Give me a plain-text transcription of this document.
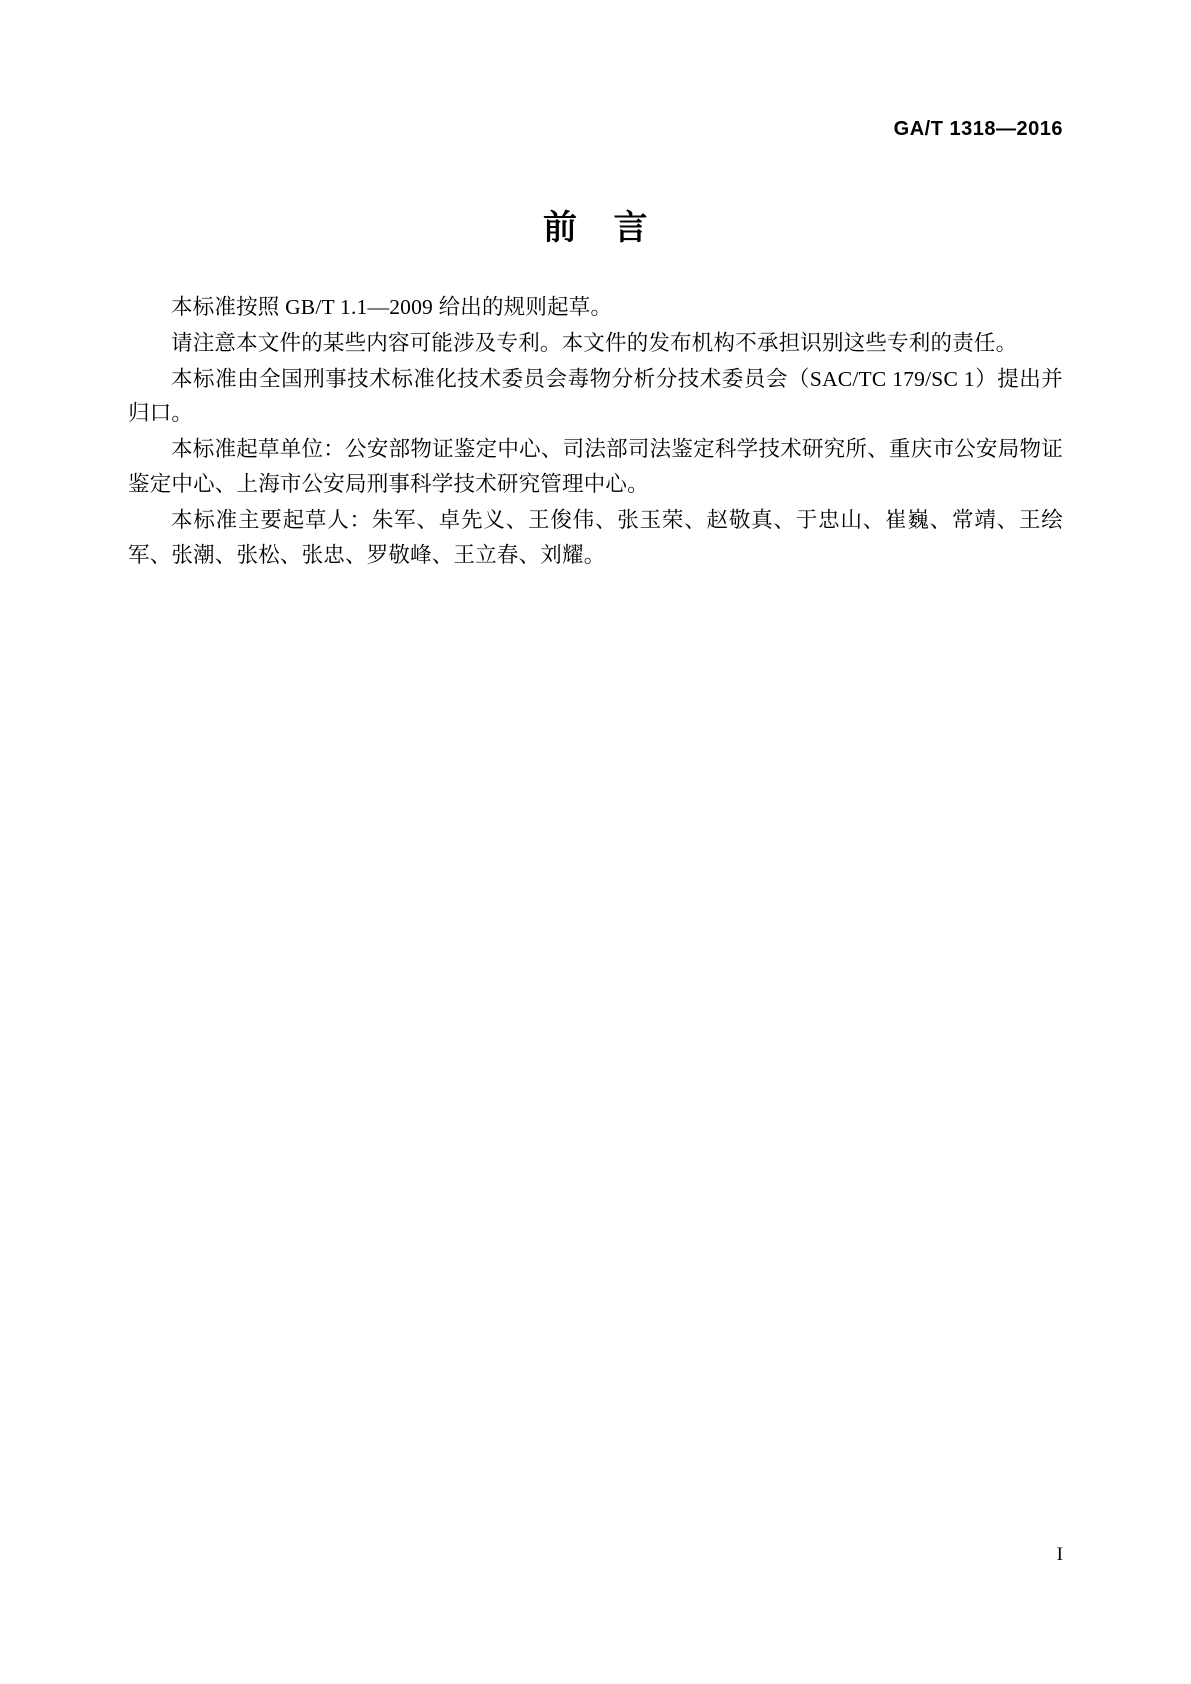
GA/T 1318—2016
前 言

本标准按照 GB/T 1.1—2009 给出的规则起草。

请注意本文件的某些内容可能涉及专利。本文件的发布机构不承担识别这些专利的责任。

本标准由全国刑事技术标准化技术委员会毒物分析分技术委员会（SAC/TC 179/SC 1）提出并归口。

本标准起草单位：公安部物证鉴定中心、司法部司法鉴定科学技术研究所、重庆市公安局物证鉴定中心、上海市公安局刑事科学技术研究管理中心。

本标准主要起草人：朱军、卓先义、王俊伟、张玉荣、赵敬真、于忠山、崔巍、常靖、王绘军、张潮、张松、张忠、罗敬峰、王立春、刘耀。

I
